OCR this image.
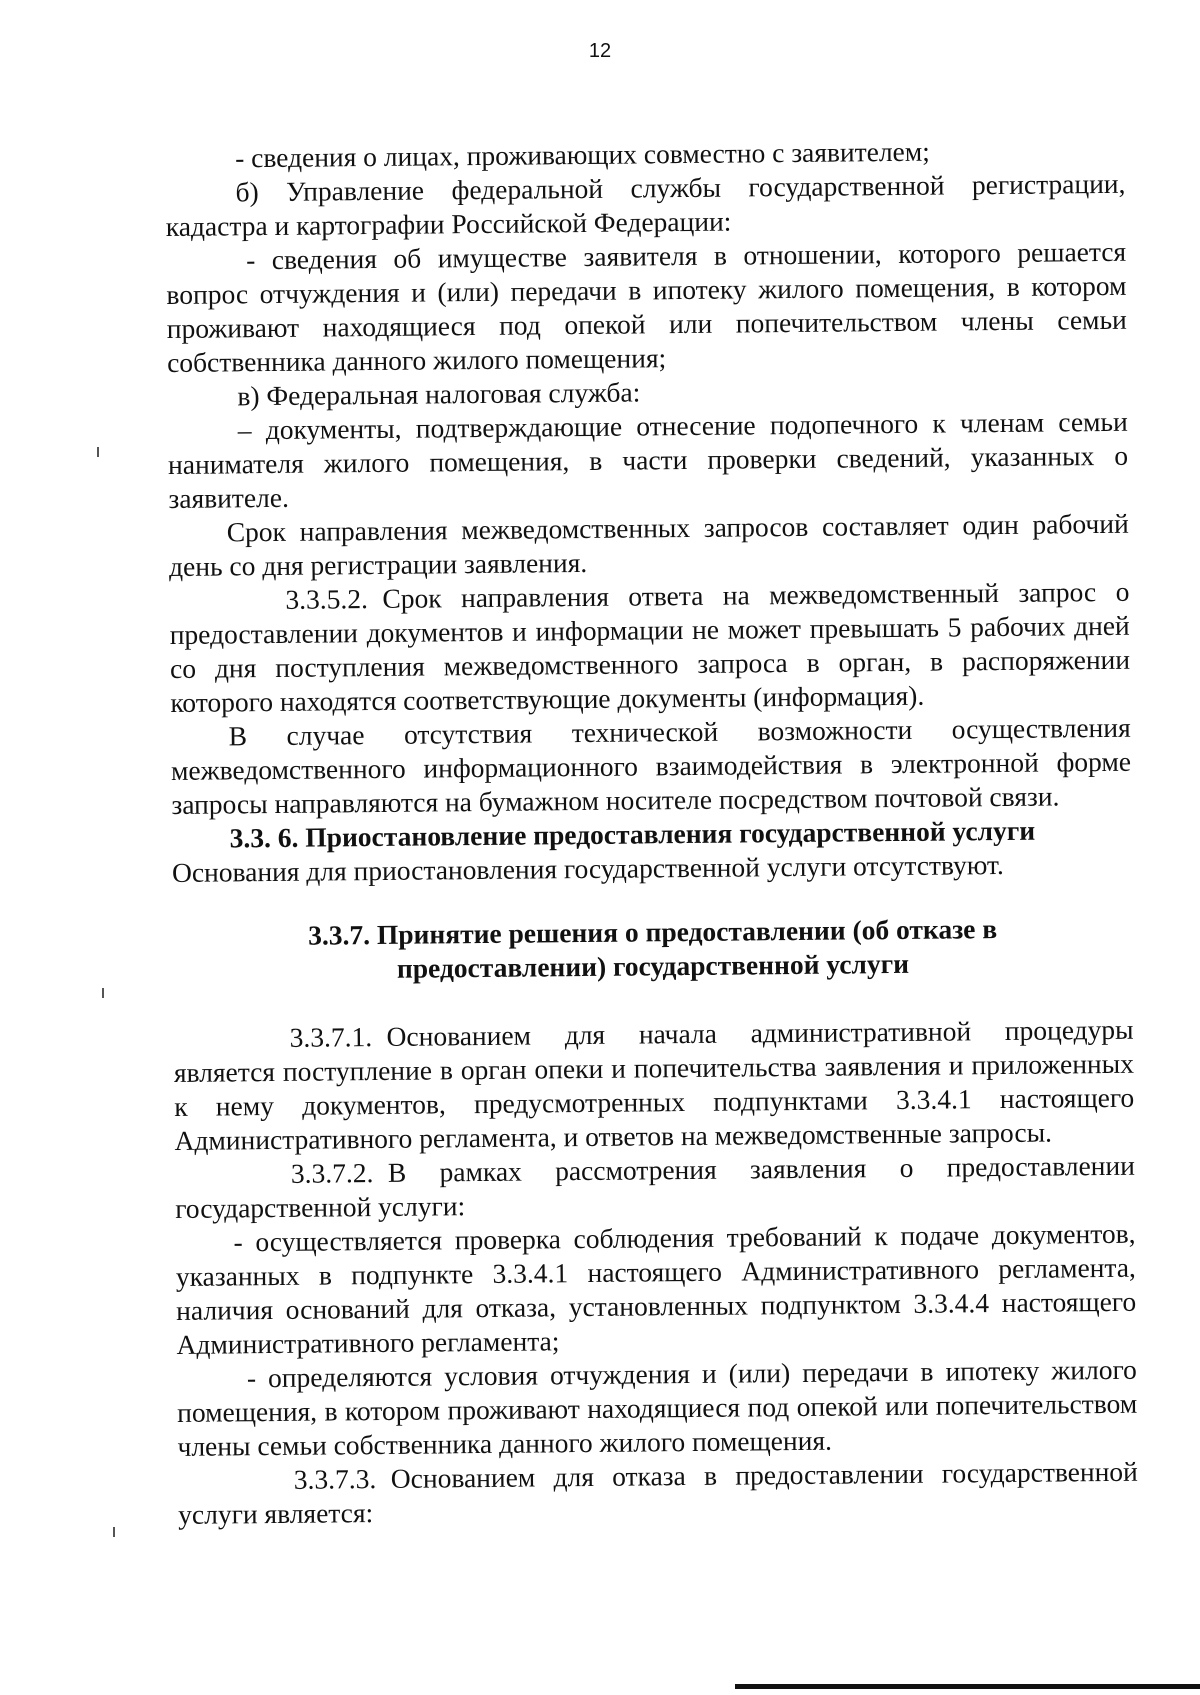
12

- сведения о лицах, проживающих совместно с заявителем;

б) Управление федеральной службы государственной регистрации, кадастра и картографии Российской Федерации:

- сведения об имуществе заявителя в отношении, которого решается вопрос отчуждения и (или) передачи в ипотеку жилого помещения, в котором проживают находящиеся под опекой или попечительством члены семьи собственника данного жилого помещения;

в) Федеральная налоговая служба:

– документы, подтверждающие отнесение подопечного к членам семьи нанимателя жилого помещения, в части проверки сведений, указанных о заявителе.

Срок направления межведомственных запросов составляет один рабочий день со дня регистрации заявления.

3.3.5.2. Срок направления ответа на межведомственный запрос о предоставлении документов и информации не может превышать 5 рабочих дней со дня поступления межведомственного запроса в орган, в распоряжении которого находятся соответствующие документы (информация).

В случае отсутствия технической возможности осуществления межведомственного информационного взаимодействия в электронной форме запросы направляются на бумажном носителе посредством почтовой связи.

3.3. 6. Приостановление предоставления государственной услуги

Основания для приостановления государственной услуги отсутствуют.

3.3.7. Принятие решения о предоставлении (об отказе в
предоставлении) государственной услуги

3.3.7.1. Основанием для начала административной процедуры является поступление в орган опеки и попечительства заявления и приложенных к нему документов, предусмотренных подпунктами 3.3.4.1 настоящего Административного регламента, и ответов на межведомственные запросы.

3.3.7.2. В рамках рассмотрения заявления о предоставлении государственной услуги:

- осуществляется проверка соблюдения требований к подаче документов, указанных в подпункте 3.3.4.1 настоящего Административного регламента, наличия оснований для отказа, установленных подпунктом 3.3.4.4 настоящего Административного регламента;

- определяются условия отчуждения и (или) передачи в ипотеку жилого помещения, в котором проживают находящиеся под опекой или попечительством члены семьи собственника данного жилого помещения.

3.3.7.3. Основанием для отказа в предоставлении государственной услуги является:
